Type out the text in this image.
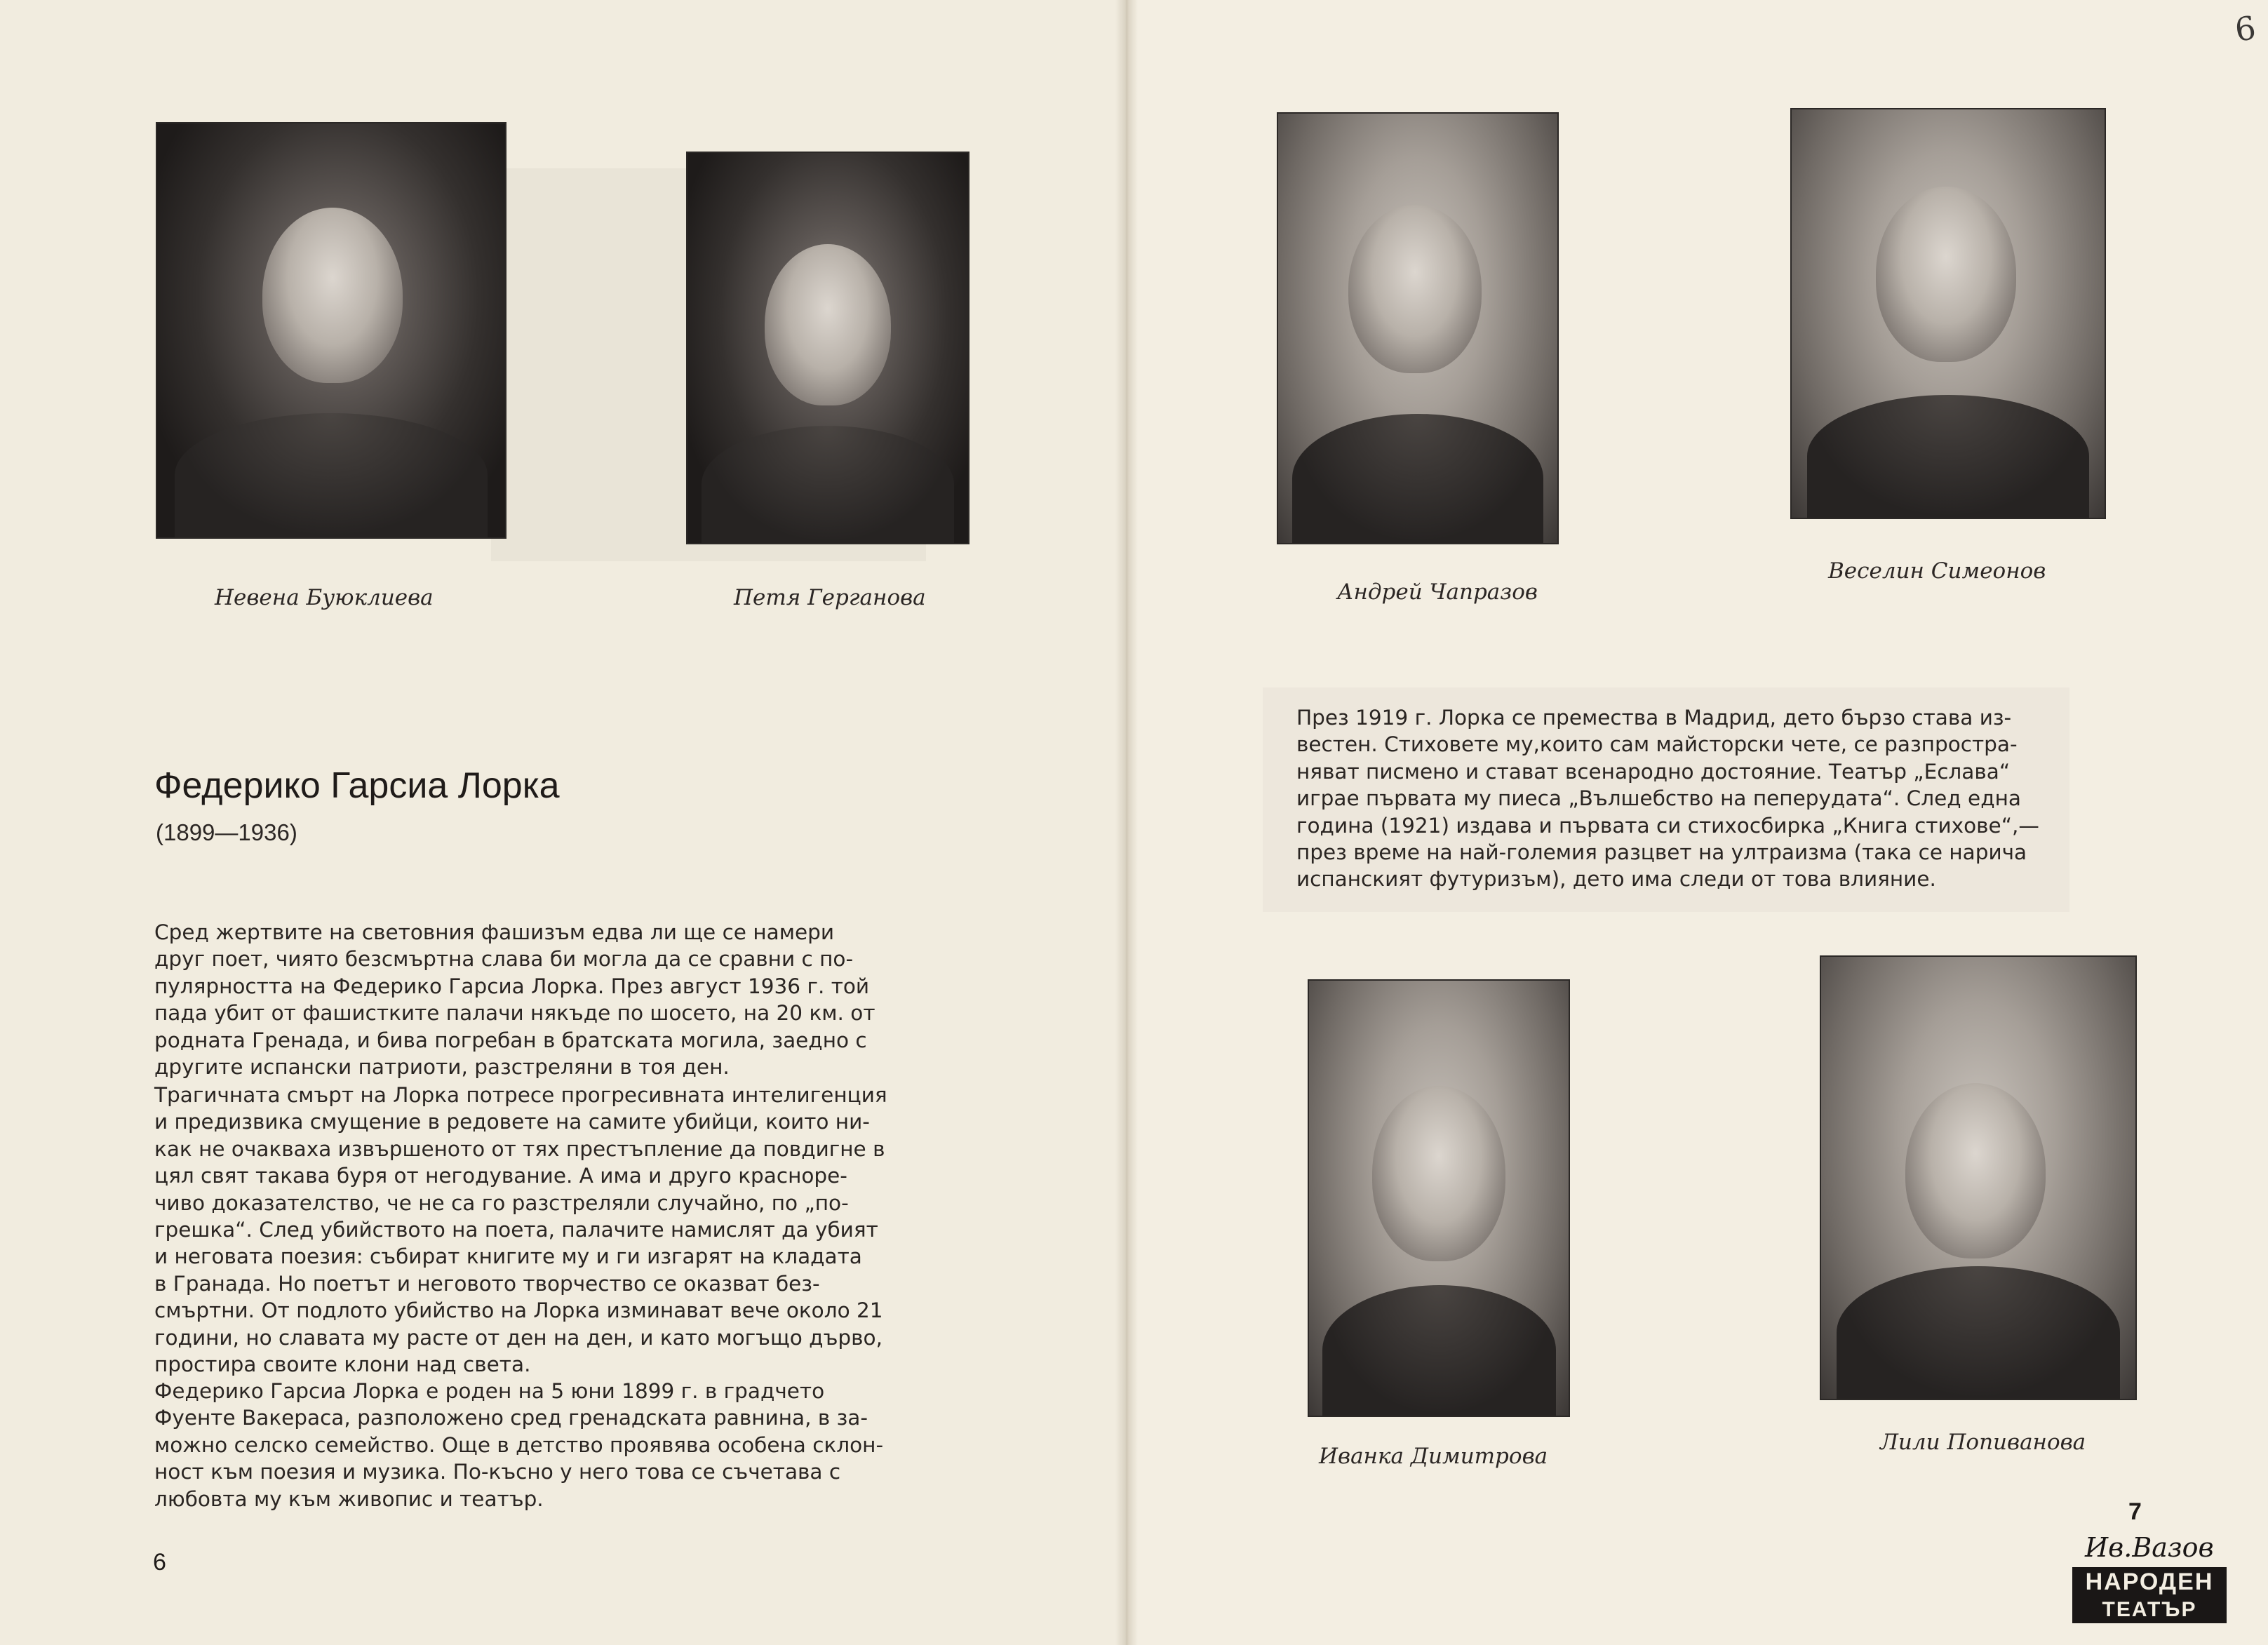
6
Невена Буюклиева	Петя Герганова
Федерико Гарсиа Лорка
(1899—1936)
Сред жертвите на световния фашизъм едва ли ще се намери
друг поет, чиято безсмъртна слава би могла да се сравни с по-
пулярността на Федерико Гарсиа Лорка. През август 1936 г. той
пада убит от фашистките палачи някъде по шосето, на 20 км. от
родната Гренада, и бива погребан в братската могила, заедно с
другите испански патриоти, разстреляни в тоя ден.
Трагичната смърт на Лорка потресе прогресивната интелигенция
и предизвика смущение в редовете на самите убийци, които ни-
как не очакваха извършеното от тях престъпление да повдигне в
цял свят такава буря от негодувание. А има и друго красноре-
чиво доказателство, че не са го разстреляли случайно, по „по-
грешка“. След убийството на поета, палачите намислят да убият
и неговата поезия: събират книгите му и ги изгарят на кладата
в Гранада. Но поетът и неговото творчество се оказват без-
смъртни. От подлото убийство на Лорка изминават вече около 21
години, но славата му расте от ден на ден, и като могъщо дърво,
простира своите клони над света.
Федерико Гарсиа Лорка е роден на 5 юни 1899 г. в градчето
Фуенте Вакераса, разположено сред гренадската равнина, в за-
можно селско семейство. Още в детство проявява особена склон-
ност към поезия и музика. По-късно у него това се съчетава с
любовта му към живопис и театър.
6
Андрей Чапразов
Веселин Симеонов
През 1919 г. Лорка се премества в Мадрид, дето бързо става из-
вестен. Стиховете му,които сам майсторски чете, се разпростра-
няват писмено и стават всенародно достояние. Театър „Еслава“
играе първата му пиеса „Вълшебство на пеперудата“. След една
година (1921) издава и първата си стихосбирка „Книга стихове“,—
през време на най-големия разцвет на ултраизма (така се нарича
испанският футуризъм), дето има следи от това влияние.
Иванка Димитрова
Лили Попиванова
7
Ив.Вазов
НАРОДЕН
ТЕАТЪР
